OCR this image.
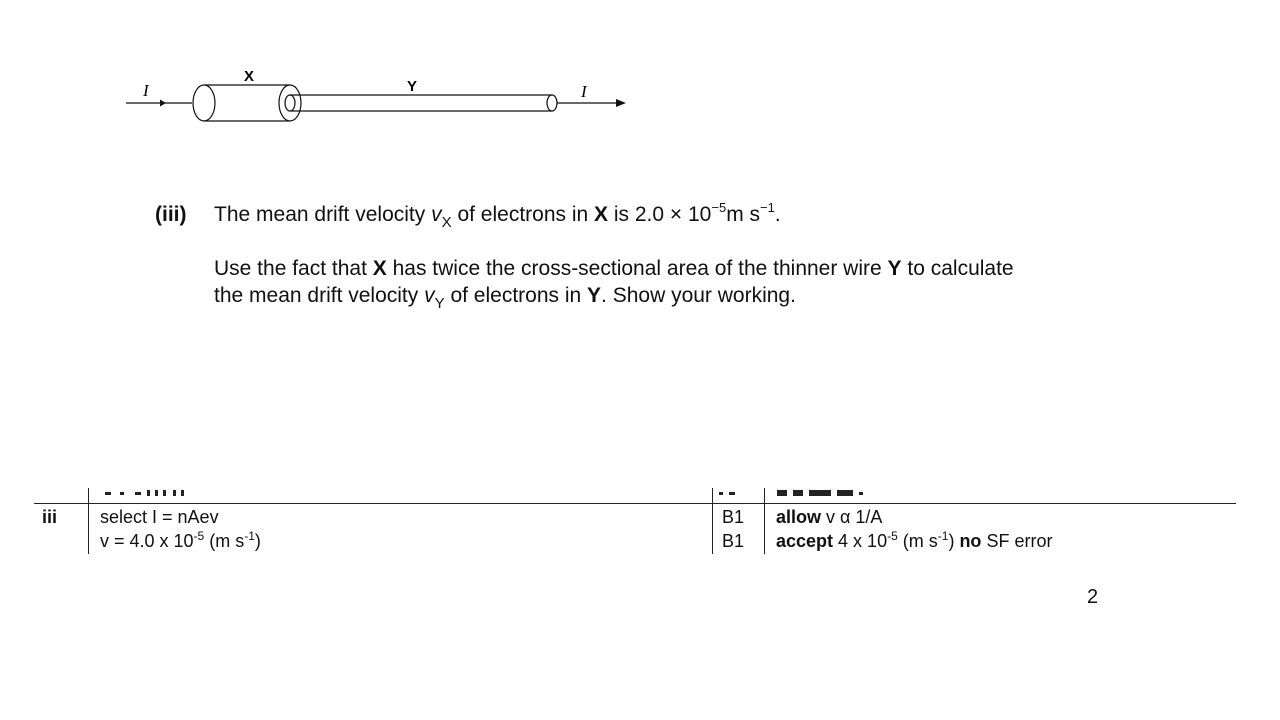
I
X
Y	I
(iii) The mean drift velocity $v_X$ of electrons in X is $2.0 \times 10^{-5}m$ $s^{-1}$.
Use the fact that X has twice the cross-sectional area of the thinner wire Y to calculate
the mean drift velocity $v_Y$ of electrons in Y. Show your working.
iii select I = nAev	B1 allow v α 1/A
v = 4.0 x $10^{-5}$ (m $s^{-1}$)	B1 accept 4 x $10^{-5}$ (m $s^{-1}$) no SF error
2
